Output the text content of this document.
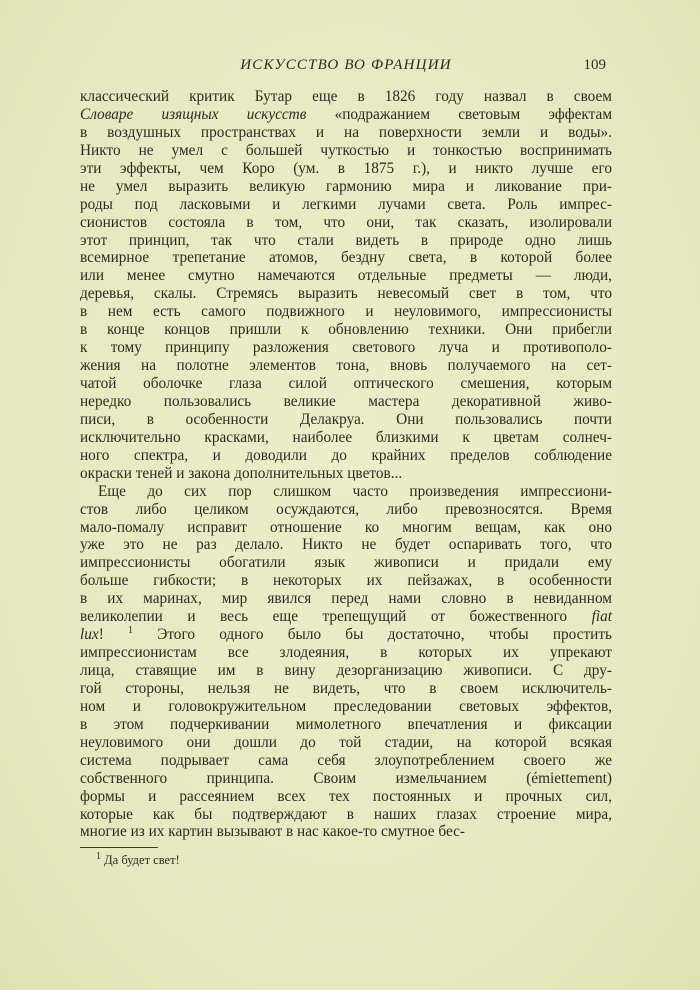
ИСКУССТВО ВО ФРАНЦИИ	109
классический критик Бутар еще в 1826 году назвал в своем
Словаре изящных искусств «подражанием световым эффектам
в воздушных пространствах и на поверхности земли и воды».
Никто не умел с большей чуткостью и тонкостью воспринимать
эти эффекты, чем Коро (ум. в 1875 г.), и никто лучше его
не умел выразить великую гармонию мира и ликование при-
роды под ласковыми и легкими лучами света. Роль импрес-
сионистов состояла в том, что они, так сказать, изолировали
этот принцип, так что стали видеть в природе одно лишь
всемирное трепетание атомов, бездну света, в которой более
или менее смутно намечаются отдельные предметы — люди,
деревья, скалы. Стремясь выразить невесомый свет в том, что
в нем есть самого подвижного и неуловимого, импрессионисты
в конце концов пришли к обновлению техники. Они прибегли
к тому принципу разложения светового луча и противополо-
жения на полотне элементов тона, вновь получаемого на сет-
чатой оболочке глаза силой оптического смешения, которым
нередко пользовались великие мастера декоративной живо-
писи, в особенности Делакруа. Они пользовались почти
исключительно красками, наиболее близкими к цветам солнеч-
ного спектра, и доводили до крайних пределов соблюдение
окраски теней и закона дополнительных цветов...
Еще до сих пор слишком часто произведения импрессиони-
стов либо целиком осуждаются, либо превозносятся. Время
мало-помалу исправит отношение ко многим вещам, как оно
уже это не раз делало. Никто не будет оспаривать того, что
импрессионисты обогатили язык живописи и придали ему
больше гибкости; в некоторых их пейзажах, в особенности
в их маринах, мир явился перед нами словно в невиданном
великолепии и весь еще трепещущий от божественного fiat
lux! $^1$ Этого одного было бы достаточно, чтобы простить
импрессионистам все злодеяния, в которых их упрекают
лица, ставящие им в вину дезорганизацию живописи. С дру-
гой стороны, нельзя не видеть, что в своем исключитель-
ном и головокружительном преследовании световых эффектов,
в этом подчеркивании мимолетного впечатления и фиксации
неуловимого они дошли до той стадии, на которой всякая
система подрывает сама себя злоупотреблением своего же
собственного принципа. Своим измельчанием (émiettement)
формы и рассеянием всех тех постоянных и прочных сил,
которые как бы подтверждают в наших глазах строение мира,
многие из их картин вызывают в нас какое-то смутное бес-
$^1$ Да будет свет!
